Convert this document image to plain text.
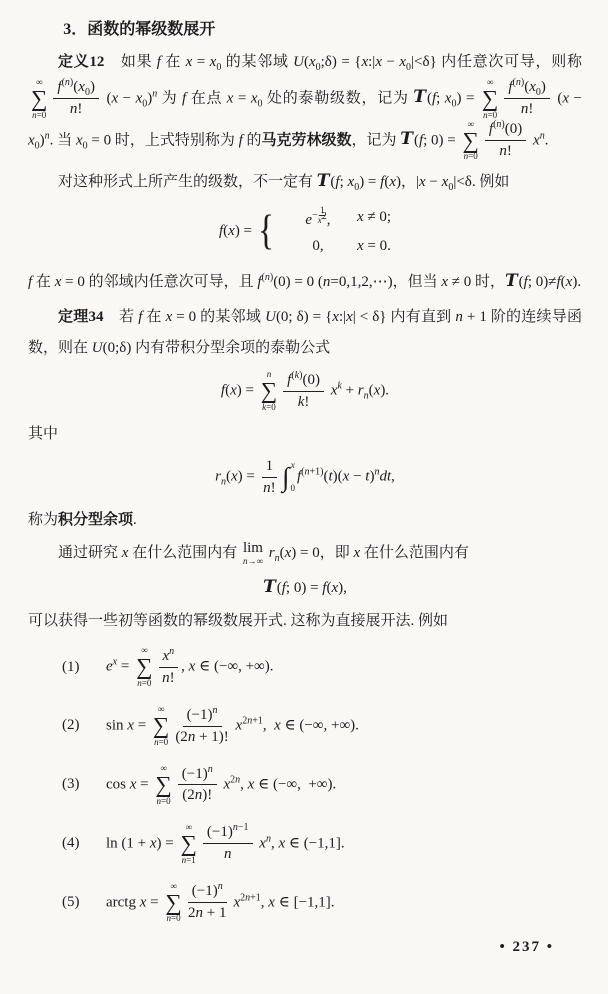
3．函数的幂级数展开

定义12　如果 f 在 $x = x_0$ 的某邻域 $U(x_0;\delta)$ = {x:|x − $x_0|<\delta$} 内任意次可导，则称
∞
∑
$n=0 \frac{f^{(n)}(x_0)}{n!} (x - x_0)^n$ 为 f 在点 $x = x_0$ 处的泰勒级数，记为 T(f; $x_0$) =
∞
∑
$n=0 \frac{f^{(n)}(x_0)}{n!} (x - x_0)^n$. 当 $x_0 = 0$ 时，上式特别称为 f 的马克劳林级数，记为 T(f; 0) =
∞
∑
$n=0 \frac{f^{(n)}(0)}{n!} x^n$.

对这种形式上所产生的级数，不一定有 T(f; $x_0) = f(x)$，$|x - x_0|<\delta$. 例如

f(x) = {	$e^{- \frac{1}{x^2}}$ ,	x ≠ 0;
0,	x = 0.

f 在 x = 0 的邻域内任意次可导，且 $f^{(n)}(0) = 0$ (n=0,1,2,⋯)，但当 x ≠ 0 时，T(f; 0)≠f(x).

定理34　若 f 在 x = 0 的某邻域 U(0; δ) = {x:|x| < δ} 内有直到 n + 1 阶的连续导函数，则在 U(0;δ) 内有带积分型余项的泰勒公式

f(x) =
n
∑
$k=0 \frac{f^{(k)}(0)}{k!} x^k + r_n(x)$.

其中

$r_n(x) = \frac{1}{n!}$ ∫ x
0
$f^{(n+1)}(t)(x - t)^ndt$,

称为积分型余项.

通过研究 x 在什么范围内有 lim
n→∞ $r_n(x) = 0$，即 x 在什么范围内有

T(f; 0) = f(x),

可以获得一些初等函数的幂级数展开式. 这称为直接展开法. 例如

(1) $e^x$ =
∞
∑
$n=0 \frac{x^n}{n!}$ , x ∈ (−∞, +∞).
(2) sin x =
∞
∑
$n=0 \frac{(-1)^n}{(2n + 1)!} x^{2n+1}$,  x ∈ (−∞, +∞).
(3) cos x =
∞
∑
$n=0 \frac{(-1)^n}{(2n)!} x^{2n}$, x ∈ (−∞,  +∞).
(4) ln (1 + x) =
∞
∑
$n=1 \frac{(-1)^{n-1}}{n} x^n$, x ∈ (−1,1].
(5) arctg x =
∞
∑
$n=0 \frac{(-1)^n}{2n + 1} x^{2n+1}$, x ∈ [−1,1].
• 237 •
